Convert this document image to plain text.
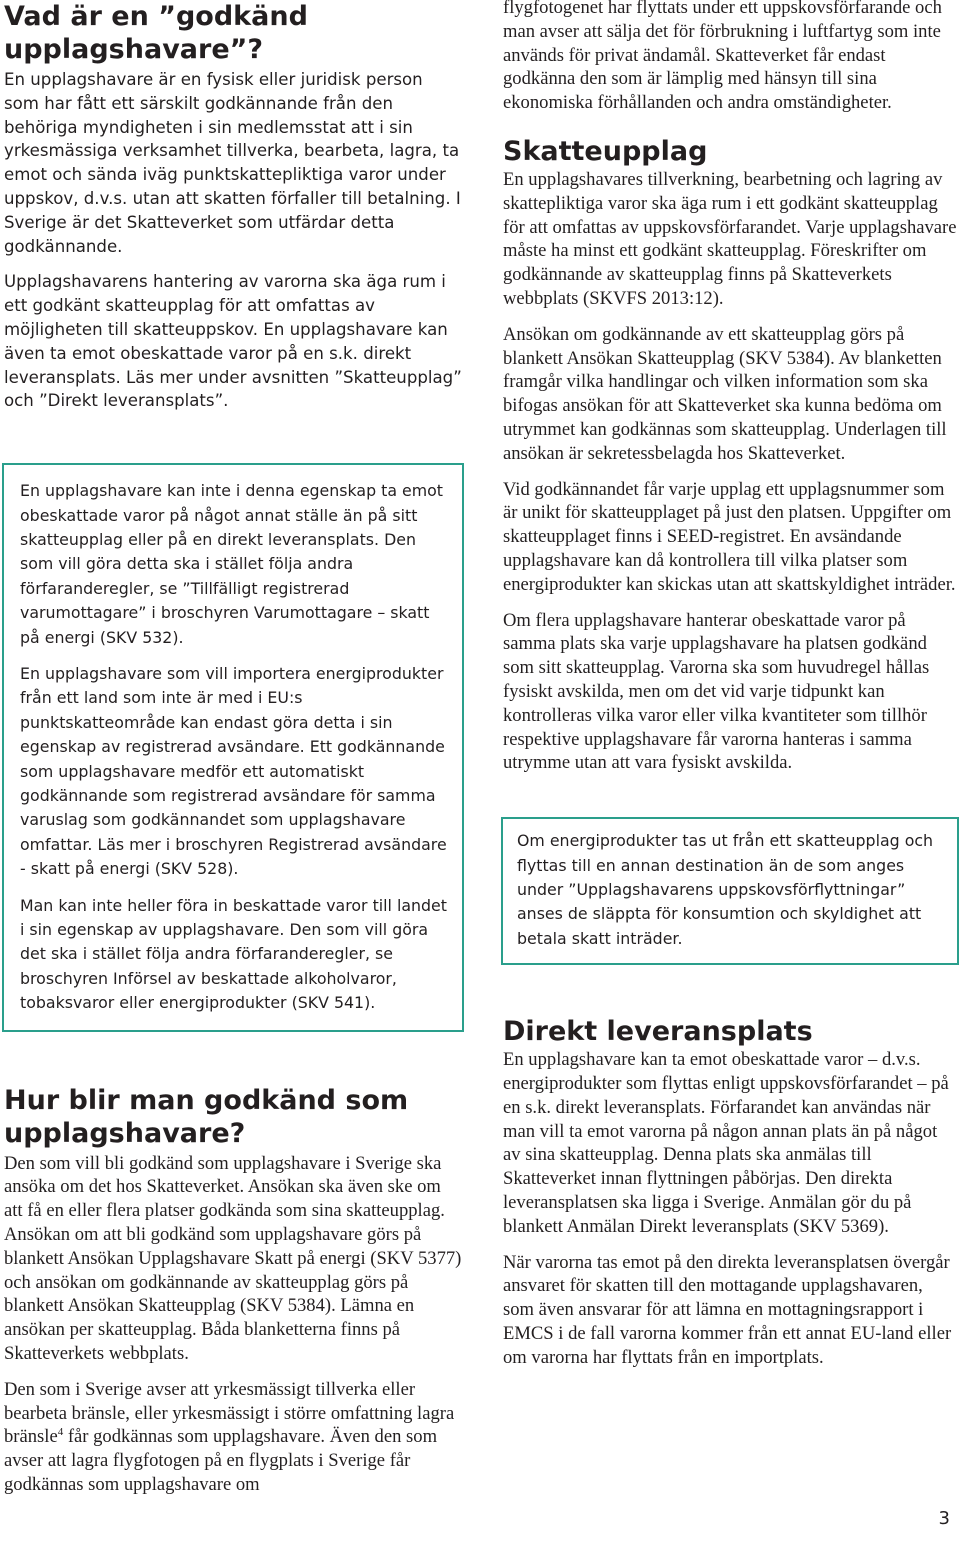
Vad är en ”godkänd upplagshavare”?

En upplagshavare är en fysisk eller juridisk person som har fått ett särskilt godkännande från den behöriga myndigheten i sin medlemsstat att i sin yrkesmässiga verksamhet tillverka, bearbeta, lagra, ta emot och sända iväg punktskattepliktiga varor under uppskov, d.v.s. utan att skatten förfaller till betalning. I Sverige är det Skatteverket som utfärdar detta godkännande.

Upplagshavarens hantering av varorna ska äga rum i ett godkänt skatteupplag för att omfattas av möjligheten till skatteuppskov. En upplagshavare kan även ta emot obeskattade varor på en s.k. direkt leveransplats. Läs mer under avsnitten ”Skatteupplag” och ”Direkt leveransplats”.

En upplagshavare kan inte i denna egenskap ta emot obeskattade varor på något annat ställe än på sitt skatteupplag eller på en direkt leveransplats. Den som vill göra detta ska i stället följa andra förfaranderegler, se ”Tillfälligt registrerad varumottagare” i broschyren Varumottagare – skatt på energi (SKV 532).

En upplagshavare som vill importera energiprodukter från ett land som inte är med i EU:s punktskatteområde kan endast göra detta i sin egenskap av registrerad avsändare. Ett godkännande som upplagshavare medför ett automatiskt godkännande som registrerad avsändare för samma varuslag som godkännandet som upplagshavare omfattar. Läs mer i broschyren Registrerad avsändare - skatt på energi (SKV 528).

Man kan inte heller föra in beskattade varor till landet i sin egenskap av upplagshavare. Den som vill göra det ska i stället följa andra förfaranderegler, se broschyren Införsel av beskattade alkoholvaror, tobaksvaror eller energiprodukter (SKV 541).

Hur blir man godkänd som upplagshavare?

Den som vill bli godkänd som upplagshavare i Sverige ska ansöka om det hos Skatteverket. Ansökan ska även ske om att få en eller flera platser godkända som sina skatteupplag. Ansökan om att bli godkänd som upplagshavare görs på blankett Ansökan Upplagshavare Skatt på energi (SKV 5377) och ansökan om godkännande av skatteupplag görs på blankett Ansökan Skatteupplag (SKV 5384). Lämna en ansökan per skatteupplag. Båda blanketterna finns på Skatteverkets webbplats.

Den som i Sverige avser att yrkesmässigt tillverka eller bearbeta bränsle, eller yrkesmässigt i större omfattning lagra bränsle$^4$ får godkännas som upplagshavare. Även den som avser att lagra flygfotogen på en flygplats i Sverige får godkännas som upplagshavare om

flygfotogenet har flyttats under ett uppskovsförfarande och man avser att sälja det för förbrukning i luftfartyg som inte används för privat ändamål. Skatteverket får endast godkänna den som är lämplig med hänsyn till sina ekonomiska förhållanden och andra omständigheter.

Skatteupplag

En upplagshavares tillverkning, bearbetning och lagring av skattepliktiga varor ska äga rum i ett godkänt skatteupplag för att omfattas av uppskovsförfarandet. Varje upplagshavare måste ha minst ett godkänt skatteupplag. Föreskrifter om godkännande av skatteupplag finns på Skatteverkets webbplats (SKVFS 2013:12).

Ansökan om godkännande av ett skatteupplag görs på blankett Ansökan Skatteupplag (SKV 5384). Av blanketten framgår vilka handlingar och vilken information som ska bifogas ansökan för att Skatteverket ska kunna bedöma om utrymmet kan godkännas som skatteupplag. Underlagen till ansökan är sekretessbelagda hos Skatteverket.

Vid godkännandet får varje upplag ett upplagsnummer som är unikt för skatteupplaget på just den platsen. Uppgifter om skatteupplaget finns i SEED-registret. En avsändande upplagshavare kan då kontrollera till vilka platser som energiprodukter kan skickas utan att skattskyldighet inträder.

Om flera upplagshavare hanterar obeskattade varor på samma plats ska varje upplagshavare ha platsen godkänd som sitt skatteupplag. Varorna ska som huvudregel hållas fysiskt avskilda, men om det vid varje tidpunkt kan kontrolleras vilka varor eller vilka kvantiteter som tillhör respektive upplagshavare får varorna hanteras i samma utrymme utan att vara fysiskt avskilda.

Om energiprodukter tas ut från ett skatteupplag och flyttas till en annan destination än de som anges under ”Upplagshavarens uppskovsförflyttningar” anses de släppta för konsumtion och skyldighet att betala skatt inträder.

Direkt leveransplats

En upplagshavare kan ta emot obeskattade varor – d.v.s. energiprodukter som flyttas enligt uppskovsförfarandet – på en s.k. direkt leveransplats. Förfarandet kan användas när man vill ta emot varorna på någon annan plats än på något av sina skatteupplag. Denna plats ska anmälas till Skatteverket innan flyttningen påbörjas. Den direkta leveransplatsen ska ligga i Sverige. Anmälan gör du på blankett Anmälan Direkt leveransplats (SKV 5369).

När varorna tas emot på den direkta leveransplatsen övergår ansvaret för skatten till den mottagande upplagshavaren, som även ansvarar för att lämna en mottagningsrapport i EMCS i de fall varorna kommer från ett annat EU-land eller om varorna har flyttats från en importplats.

3
